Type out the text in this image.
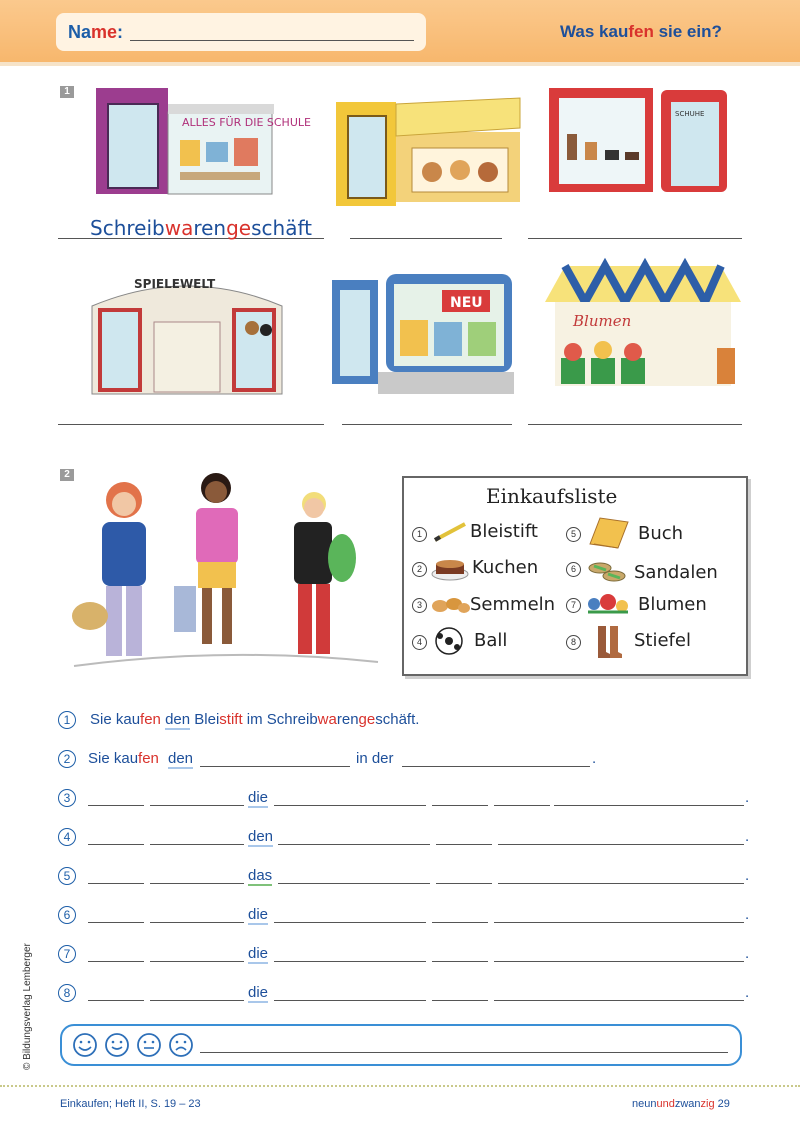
Name:	Was kaufen sie ein?
1
ALLES FÜR DIE SCHULE
Schreibwarengeschäft
SCHUHE
SPIELEWELT
NEU
Blumen
2
Einkaufsliste
1	Bleistift
2	Kuchen
3	Semmeln
4	Ball
5	Buch
6	Sandalen
7	Blumen
8	Stiefel
1	Sie kaufen den Bleistift im Schreibwarengeschäft.
2	Sie kaufen den	in der	.
3	die	.
4	den	.
5	das	.
6	die	.
7	die	.
8	die	.
© Bildungsverlag Lemberger
Einkaufen; Heft II, S. 19 – 23	neunundzwanzig 29
